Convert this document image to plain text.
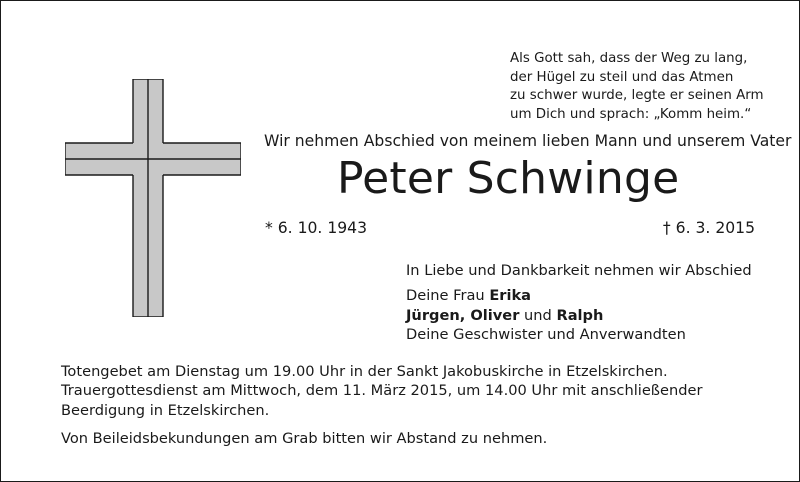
Als Gott sah, dass der Weg zu lang,
der Hügel zu steil und das Atmen
zu schwer wurde, legte er seinen Arm
um Dich und sprach: „Komm heim.“
Wir nehmen Abschied von meinem lieben Mann und unserem Vater
Peter Schwinge
* 6. 10. 1943	† 6. 3. 2015
In Liebe und Dankbarkeit nehmen wir Abschied
Deine Frau Erika
Jürgen, Oliver und Ralph
Deine Geschwister und Anverwandten
Totengebet am Dienstag um 19.00 Uhr in der Sankt Jakobuskirche in Etzelskirchen.
Trauergottesdienst am Mittwoch, dem 11. März 2015, um 14.00 Uhr mit anschließender
Beerdigung in Etzelskirchen.
Von Beileidsbekundungen am Grab bitten wir Abstand zu nehmen.
